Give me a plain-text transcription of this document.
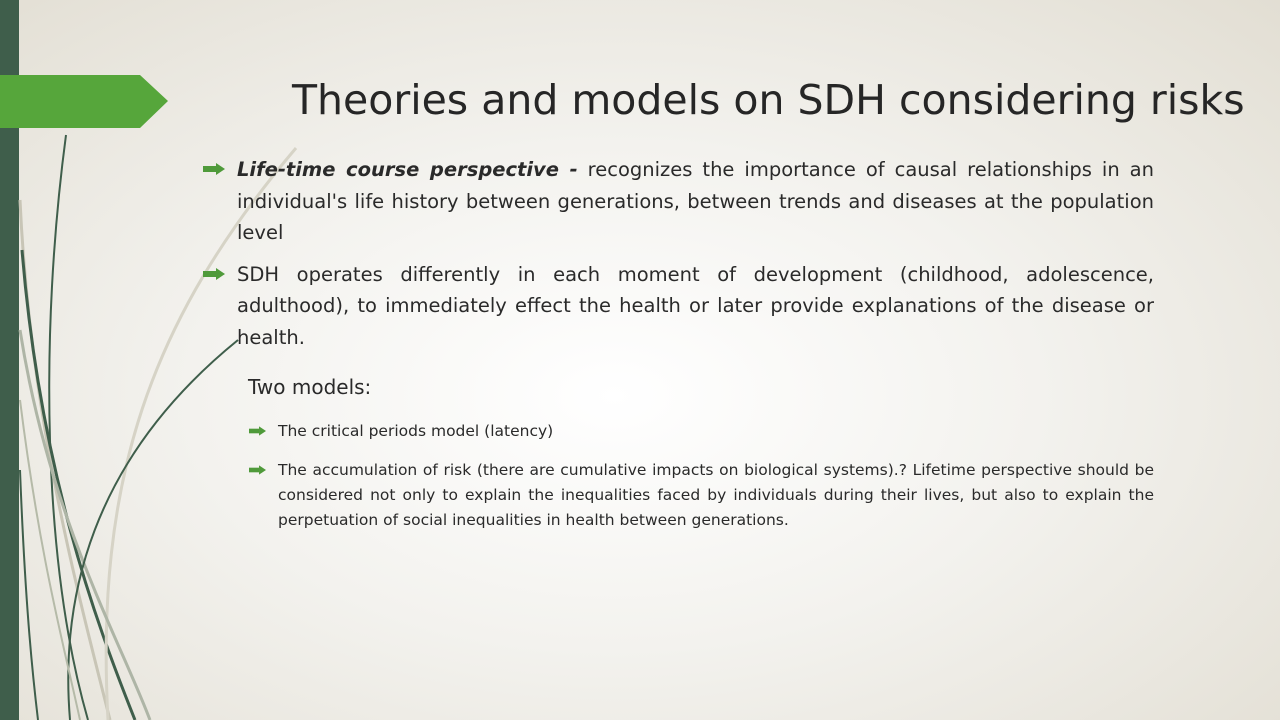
Theories and models on SDH considering risks
Life-time course perspective - recognizes the importance of causal relationships in an individual's life history between generations, between trends and diseases at the population level
SDH operates differently in each moment of development (childhood, adolescence, adulthood), to immediately effect the health or later provide explanations of the disease or health.
Two models:
The critical periods model (latency)
The accumulation of risk (there are cumulative impacts on biological systems).? Lifetime perspective should be considered not only to explain the inequalities faced by individuals during their lives, but also to explain the perpetuation of social inequalities in health between generations.
